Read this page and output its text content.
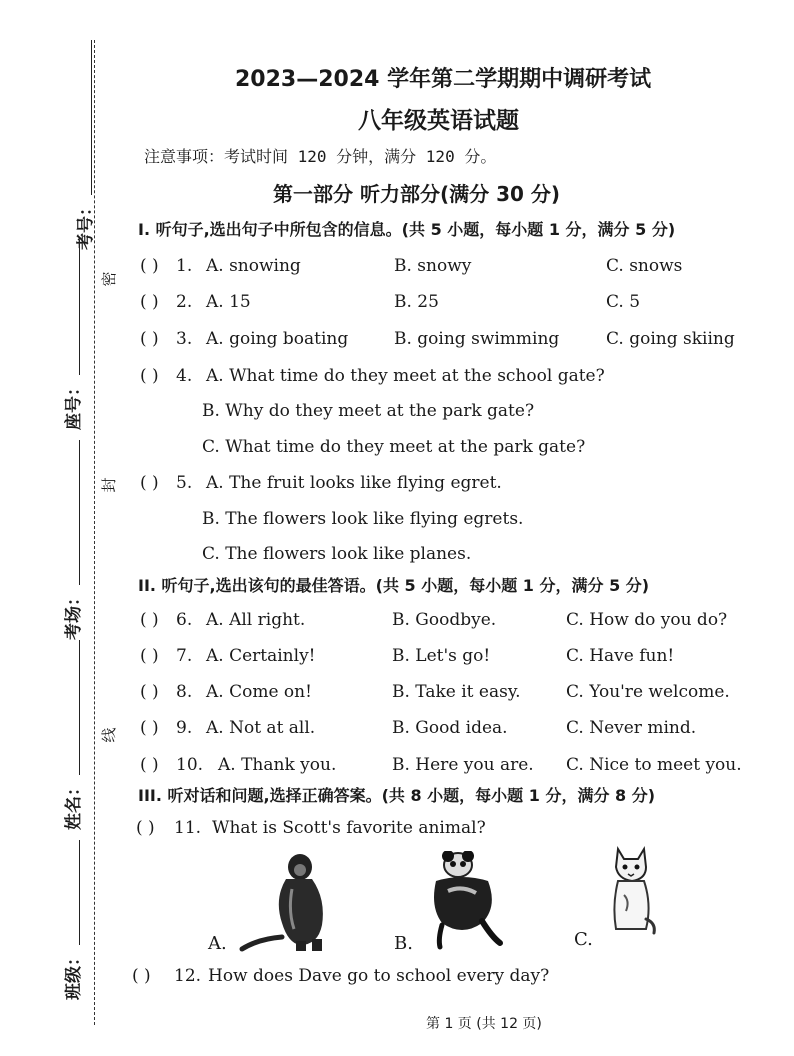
密
封
线
考号：
座号：
考场：
姓名：
班级：
2023—2024 学年第二学期期中调研考试
八年级英语试题
注意事项：考试时间 120 分钟，满分 120 分。
第一部分 听力部分(满分 30 分)
I. 听句子,选出句子中所包含的信息。(共 5 小题，每小题 1 分，满分 5 分)
( ) 1. A. snowing	B. snowy	C. snows
( ) 2. A. 15	B. 25	C. 5
( ) 3. A. going boating	B. going swimming	C. going skiing
( ) 4. A. What time do they meet at the school gate?
B. Why do they meet at the park gate?
C. What time do they meet at the park gate?
( ) 5. A. The fruit looks like flying egret.
B. The flowers look like flying egrets.
C. The flowers look like planes.
II. 听句子,选出该句的最佳答语。(共 5 小题，每小题 1 分，满分 5 分)
( ) 6. A. All right.	B. Goodbye.	C. How do you do?
( ) 7. A. Certainly!	B. Let's go!	C. Have fun!
( ) 8. A. Come on!	B. Take it easy.	C. You're welcome.
( ) 9. A. Not at all.	B. Good idea.	C. Never mind.
( ) 10. A. Thank you.	B. Here you are. C. Nice to meet you.
III. 听对话和问题,选择正确答案。(共 8 小题，每小题 1 分，满分 8 分)
( ) 11. What is Scott's favorite animal?
A.	B.	C.
( ) 12. How does Dave go to school every day?
第 1 页 (共 12 页)
